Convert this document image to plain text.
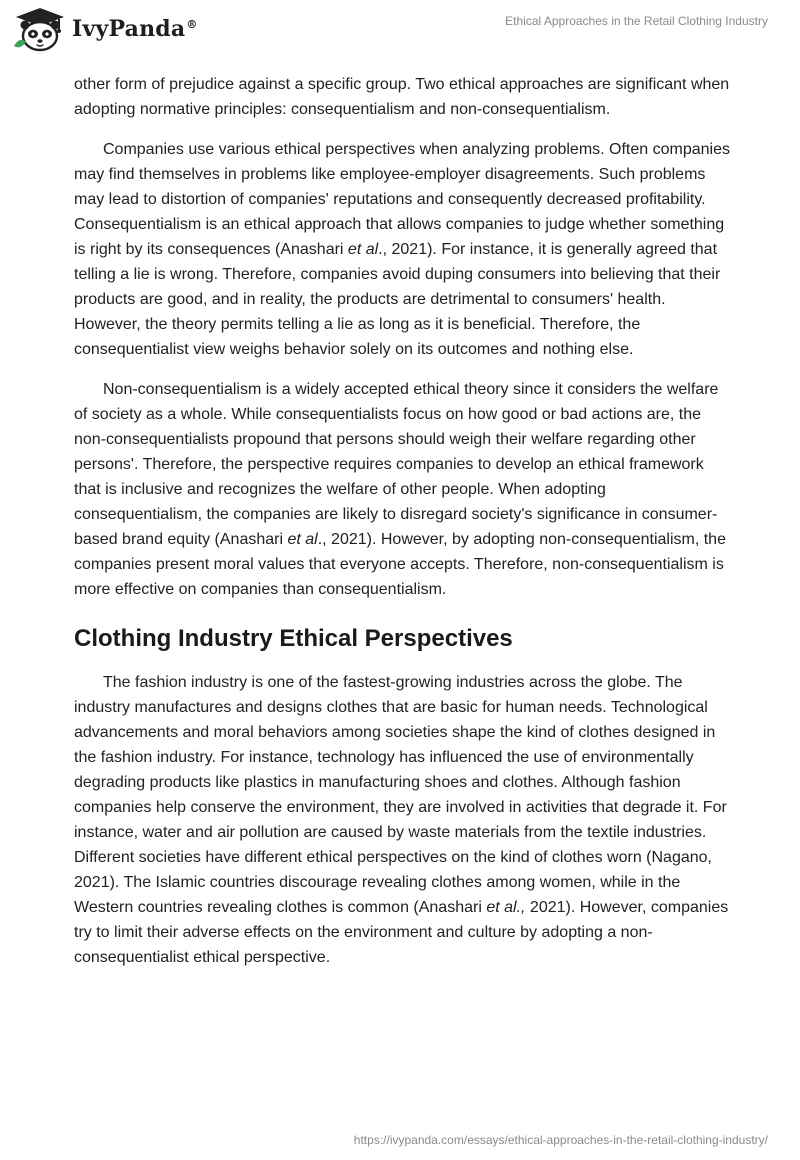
IvyPanda®	Ethical Approaches in the Retail Clothing Industry

other form of prejudice against a specific group. Two ethical approaches are significant when adopting normative principles: consequentialism and non-consequentialism.

Companies use various ethical perspectives when analyzing problems. Often companies may find themselves in problems like employee-employer disagreements. Such problems may lead to distortion of companies' reputations and consequently decreased profitability. Consequentialism is an ethical approach that allows companies to judge whether something is right by its consequences (Anashari et al., 2021). For instance, it is generally agreed that telling a lie is wrong. Therefore, companies avoid duping consumers into believing that their products are good, and in reality, the products are detrimental to consumers' health. However, the theory permits telling a lie as long as it is beneficial. Therefore, the consequentialist view weighs behavior solely on its outcomes and nothing else.

Non-consequentialism is a widely accepted ethical theory since it considers the welfare of society as a whole. While consequentialists focus on how good or bad actions are, the non-consequentialists propound that persons should weigh their welfare regarding other persons'. Therefore, the perspective requires companies to develop an ethical framework that is inclusive and recognizes the welfare of other people. When adopting consequentialism, the companies are likely to disregard society's significance in consumer-based brand equity (Anashari et al., 2021). However, by adopting non-consequentialism, the companies present moral values that everyone accepts. Therefore, non-consequentialism is more effective on companies than consequentialism.

Clothing Industry Ethical Perspectives

The fashion industry is one of the fastest-growing industries across the globe. The industry manufactures and designs clothes that are basic for human needs. Technological advancements and moral behaviors among societies shape the kind of clothes designed in the fashion industry. For instance, technology has influenced the use of environmentally degrading products like plastics in manufacturing shoes and clothes. Although fashion companies help conserve the environment, they are involved in activities that degrade it. For instance, water and air pollution are caused by waste materials from the textile industries. Different societies have different ethical perspectives on the kind of clothes worn (Nagano, 2021). The Islamic countries discourage revealing clothes among women, while in the Western countries revealing clothes is common (Anashari et al., 2021). However, companies try to limit their adverse effects on the environment and culture by adopting a non-consequentialist ethical perspective.

https://ivypanda.com/essays/ethical-approaches-in-the-retail-clothing-industry/
